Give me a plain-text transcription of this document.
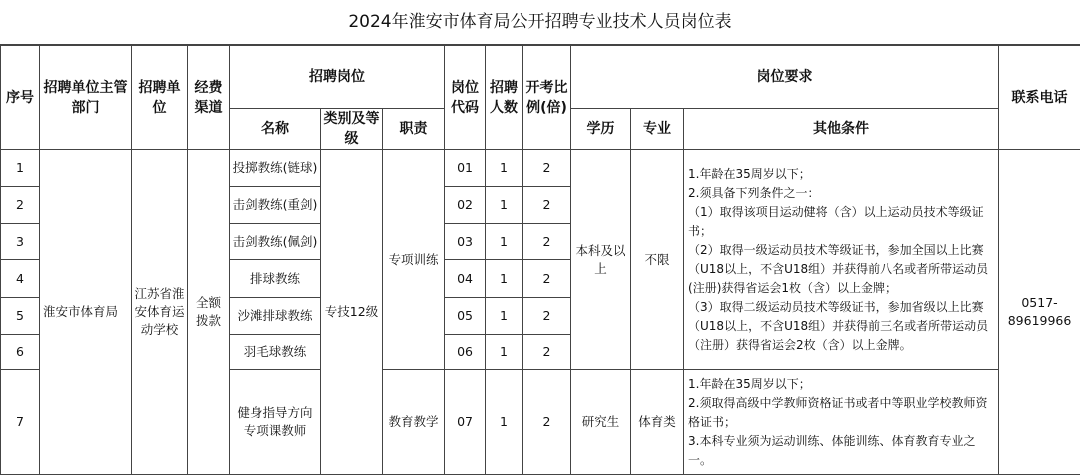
2024年淮安市体育局公开招聘专业技术人员岗位表
序号	招聘单位主管部门	招聘单位	经费渠道	招聘岗位			岗位代码	招聘人数	开考比例(倍)	岗位要求			联系电话
				名称	类别及等级	职责				学历	专业	其他条件	
1	淮安市体育局	江苏省淮安体育运动学校	全额拨款	投掷教练(链球)	专技12级	专项训练	01	1	2	本科及以上	不限	1.年龄在35周岁以下；
2.须具备下列条件之一：
（1）取得该项目运动健将（含）以上运动员技术等级证书；
（2）取得一级运动员技术等级证书，参加全国以上比赛（U18以上，不含U18组）并获得前八名或者所带运动员(注册)获得省运会1枚（含）以上金牌；
（3）取得二级运动员技术等级证书，参加省级以上比赛（U18以上，不含U18组）并获得前三名或者所带运动员（注册）获得省运会2枚（含）以上金牌。	0517-89619966
2				击剑教练(重剑)			02	1	2				
3				击剑教练(佩剑)			03	1	2				
4				排球教练			04	1	2				
5				沙滩排球教练			05	1	2				
6				羽毛球教练			06	1	2				
7				健身指导方向专项课教师		教育教学	07	1	2	研究生	体育类	1.年龄在35周岁以下；
2.须取得高级中学教师资格证书或者中等职业学校教师资格证书；
3.本科专业须为运动训练、体能训练、体育教育专业之一。	
